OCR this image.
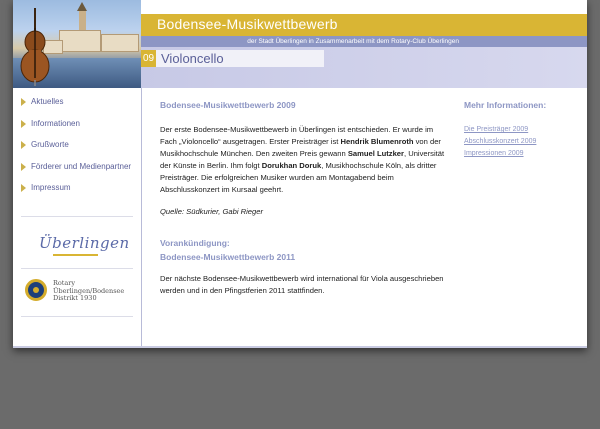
Bodensee-Musikwettbewerb
der Stadt Überlingen in Zusammenarbeit mit dem Rotary-Club Überlingen
09 Violoncello
Aktuelles
Informationen
Grußworte
Förderer und Medienpartner
Impressum
Überlingen
Rotary
Überlingen/Bodensee
Distrikt 1930

Bodensee-Musikwettbewerb 2009

Der erste Bodensee-Musikwettbewerb in Überlingen ist entschieden. Er wurde im Fach „Violoncello“ ausgetragen. Erster Preisträger ist Hendrik Blumenroth von der Musikhochschule München. Den zweiten Preis gewann Samuel Lutzker, Universität der Künste in Berlin. Ihm folgt Dorukhan Doruk, Musikhochschule Köln, als dritter Preisträger. Die erfolgreichen Musiker wurden am Montagabend beim Abschlusskonzert im Kursaal geehrt.

Quelle: Südkurier, Gabi Rieger

Vorankündigung:

Bodensee-Musikwettbewerb 2011

Der nächste Bodensee-Musikwettbewerb wird international für Viola ausgeschrieben werden und in den Pfingstferien 2011 stattfinden.

Mehr Informationen:

Die Preisträger 2009
Abschlusskonzert 2009
Impressionen 2009
